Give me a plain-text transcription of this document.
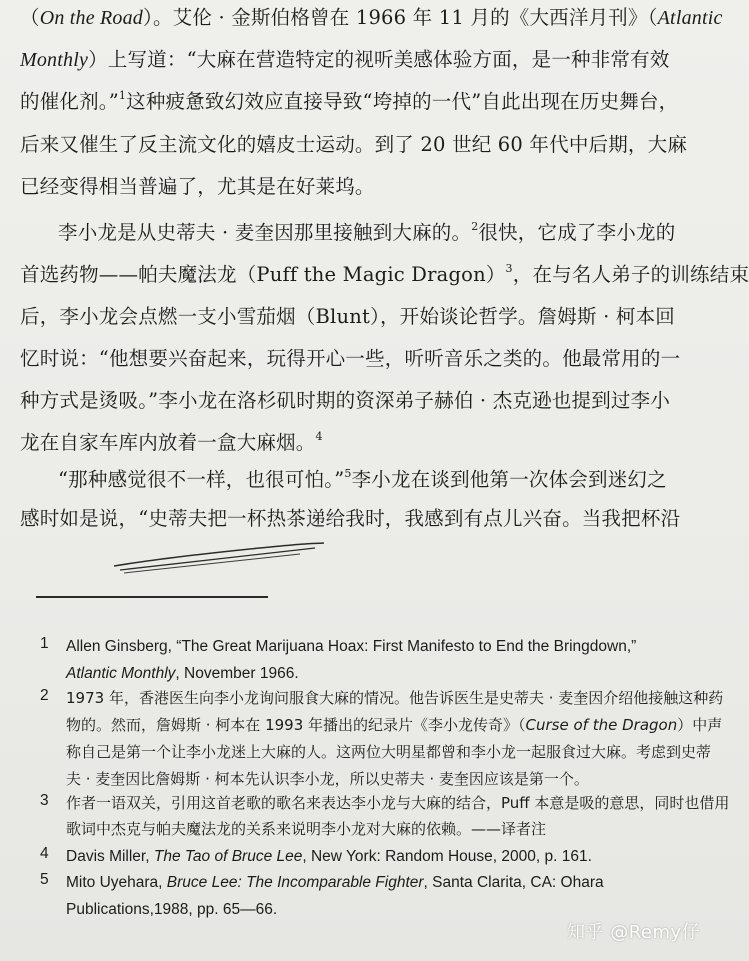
（On the Road）。艾伦 · 金斯伯格曾在 1966 年 11 月的《大西洋月刊》（Atlantic
Monthly）上写道：“大麻在营造特定的视听美感体验方面，是一种非常有效
的催化剂。”$^1$这种疲惫致幻效应直接导致“垮掉的一代”自此出现在历史舞台，
后来又催生了反主流文化的嬉皮士运动。到了 20 世纪 60 年代中后期，大麻
已经变得相当普遍了，尤其是在好莱坞。
李小龙是从史蒂夫 · 麦奎因那里接触到大麻的。$^2$很快，它成了李小龙的
首选药物——帕夫魔法龙（Puff the Magic Dragon）$^3$，在与名人弟子的训练结束
后，李小龙会点燃一支小雪茄烟（Blunt），开始谈论哲学。詹姆斯 · 柯本回
忆时说：“他想要兴奋起来，玩得开心一些，听听音乐之类的。他最常用的一
种方式是烫吸。”李小龙在洛杉矶时期的资深弟子赫伯 · 杰克逊也提到过李小
龙在自家车库内放着一盒大麻烟。$^4$
“那种感觉很不一样，也很可怕。”$^5$李小龙在谈到他第一次体会到迷幻之
感时如是说，“史蒂夫把一杯热茶递给我时，我感到有点儿兴奋。当我把杯沿
1	Allen Ginsberg, “The Great Marijuana Hoax: First Manifesto to End the Bringdown,”
Atlantic Monthly, November 1966.
2	1973 年，香港医生向李小龙询问服食大麻的情况。他告诉医生是史蒂夫 · 麦奎因介绍他接触这种药
物的。然而，詹姆斯 · 柯本在 1993 年播出的纪录片《李小龙传奇》（Curse of the Dragon）中声
称自己是第一个让李小龙迷上大麻的人。这两位大明星都曾和李小龙一起服食过大麻。考虑到史蒂
夫 · 麦奎因比詹姆斯 · 柯本先认识李小龙，所以史蒂夫 · 麦奎因应该是第一个。
3	作者一语双关，引用这首老歌的歌名来表达李小龙与大麻的结合，Puff 本意是吸的意思，同时也借用
歌词中杰克与帕夫魔法龙的关系来说明李小龙对大麻的依赖。——译者注
4	Davis Miller, The Tao of Bruce Lee, New York: Random House, 2000, p. 161.
5	Mito Uyehara, Bruce Lee: The Incomparable Fighter, Santa Clarita, CA: Ohara
Publications,1988, pp. 65—66.
知乎 @Remy仔
